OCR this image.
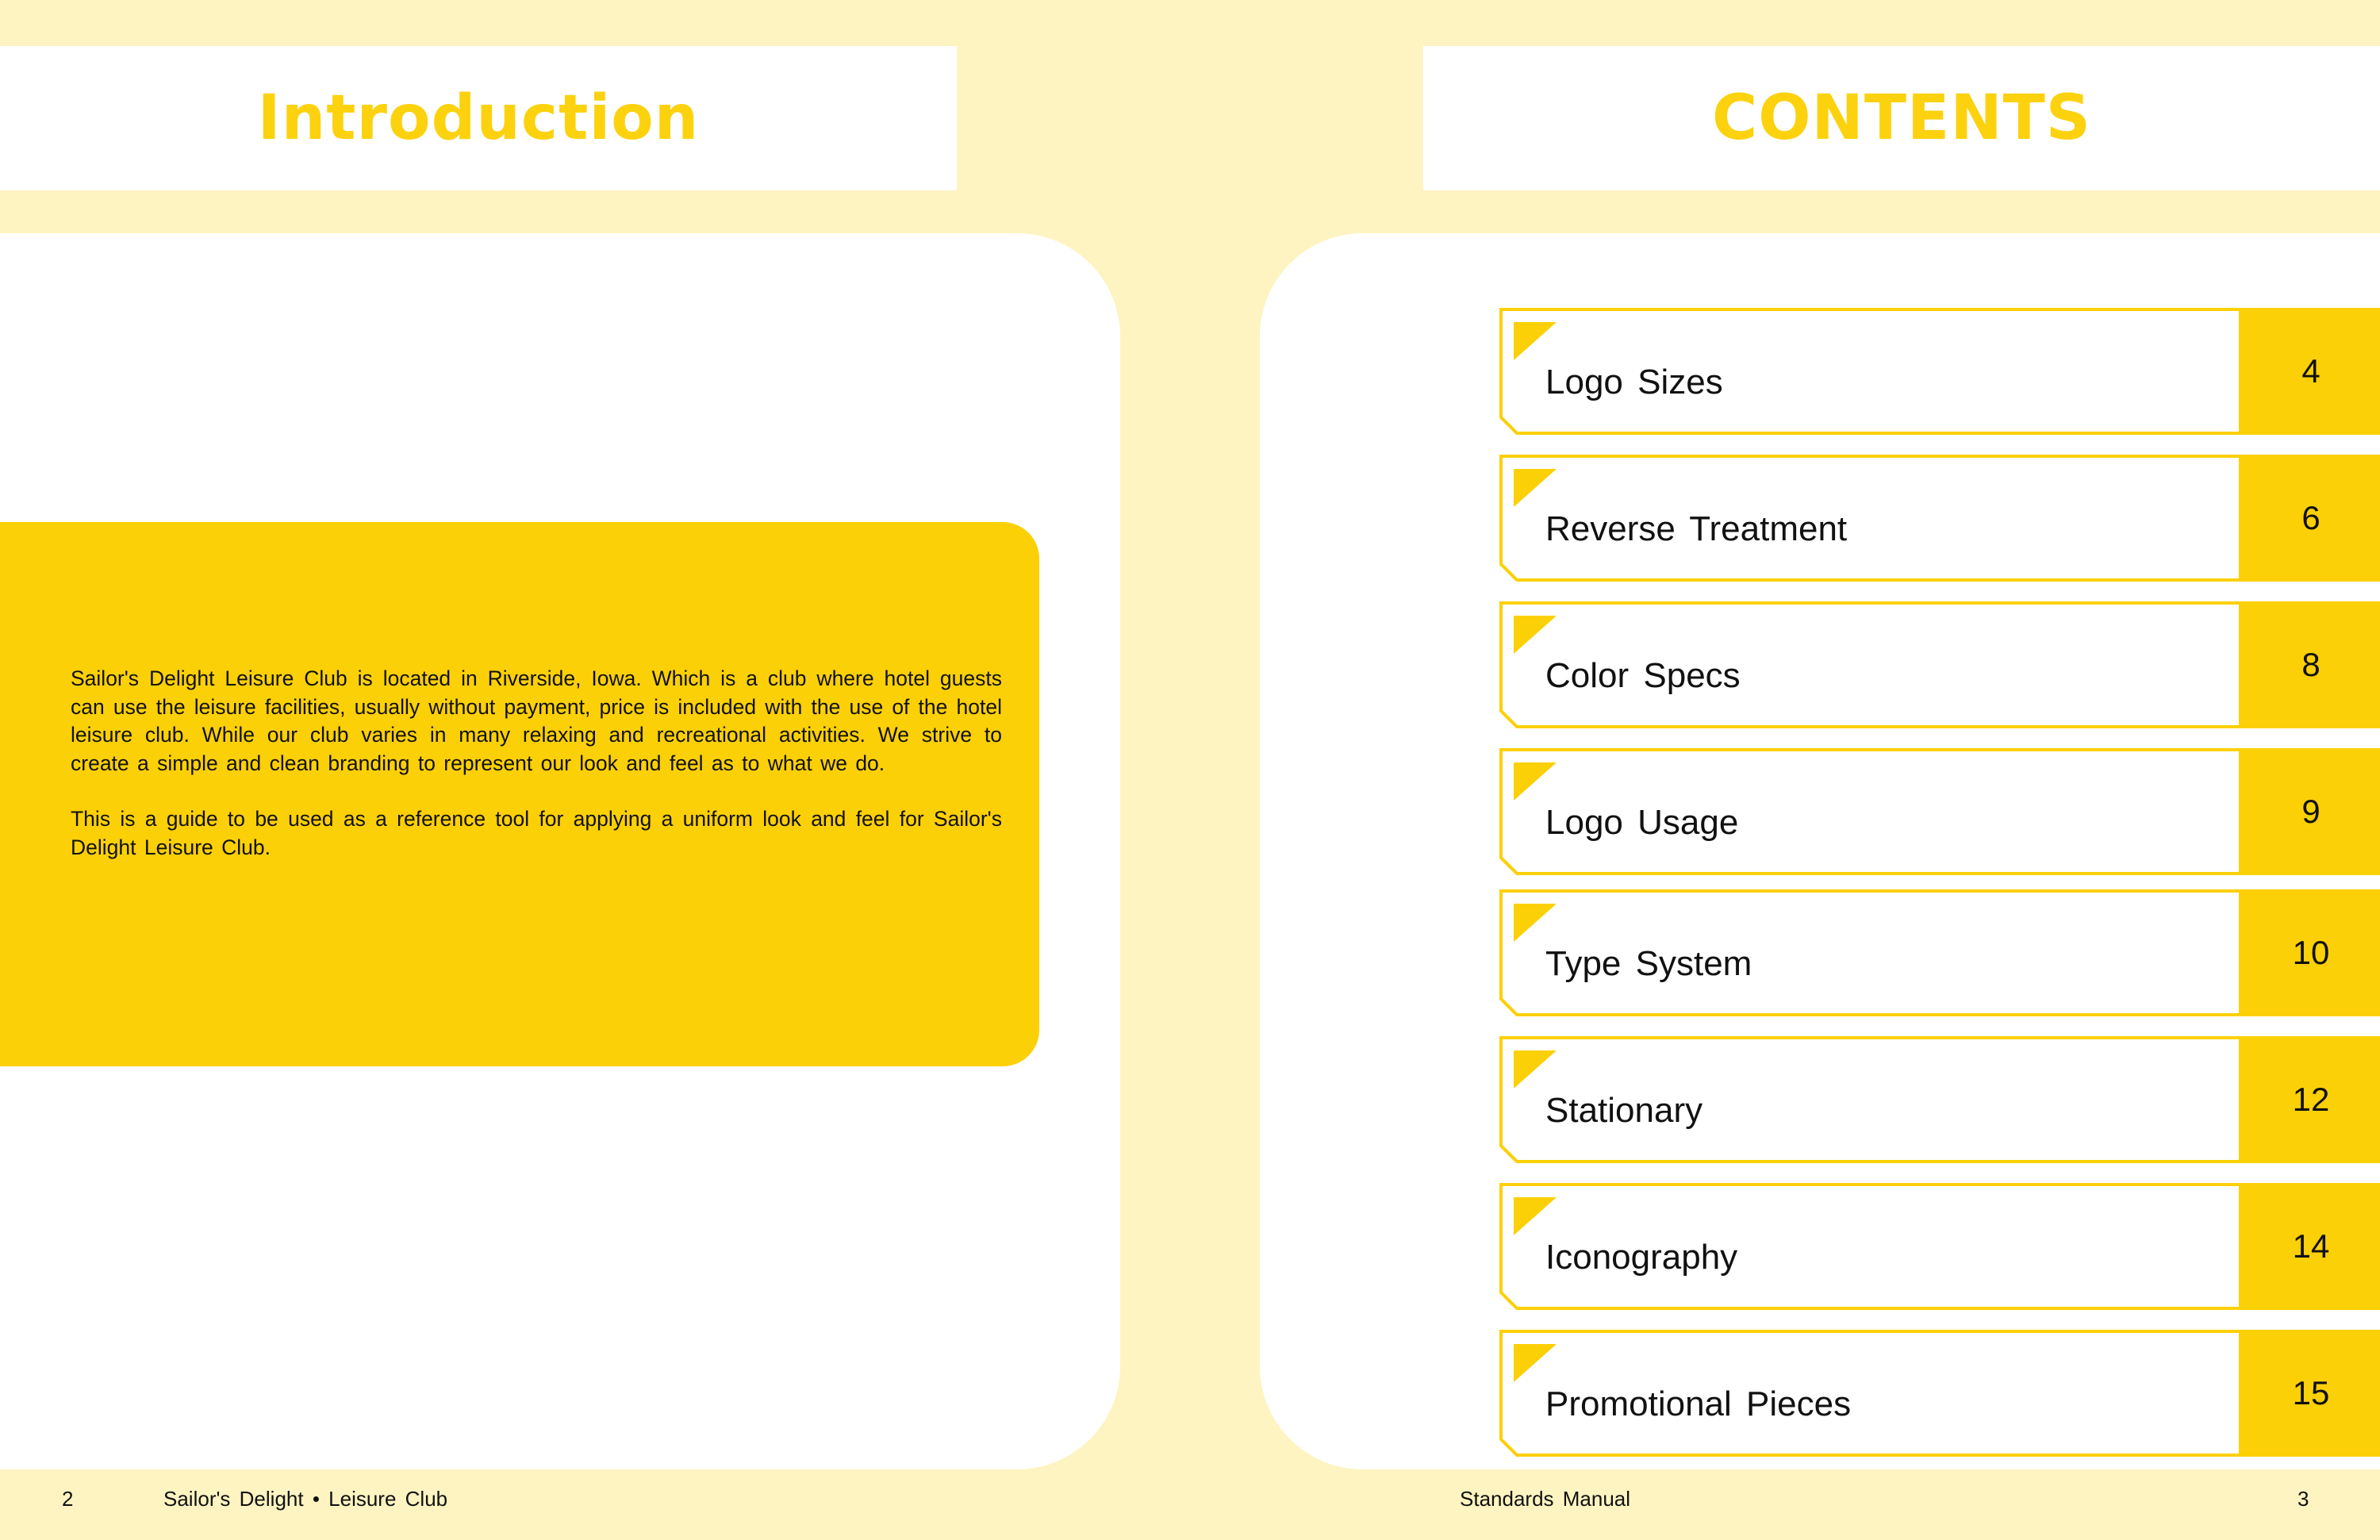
Introduction

Sailor's Delight Leisure Club is located in Riverside, Iowa. Which is a club where hotel guests can use the leisure facilities, usually without payment, price is included with the use of the hotel leisure club. While our club varies in many relaxing and recreational activities. We strive to create a simple and clean branding to represent our look and feel as to what we do.

This is a guide to be used as a reference tool for applying a uniform look and feel for Sailor's Delight Leisure Club.

CONTENTS
Logo Sizes	4
Reverse Treatment	6
Color Specs	8
Logo Usage	9
Type System	10
Stationary	12
Iconography	14
Promotional Pieces	15
2	Sailor's Delight • Leisure Club	Standards Manual	3
